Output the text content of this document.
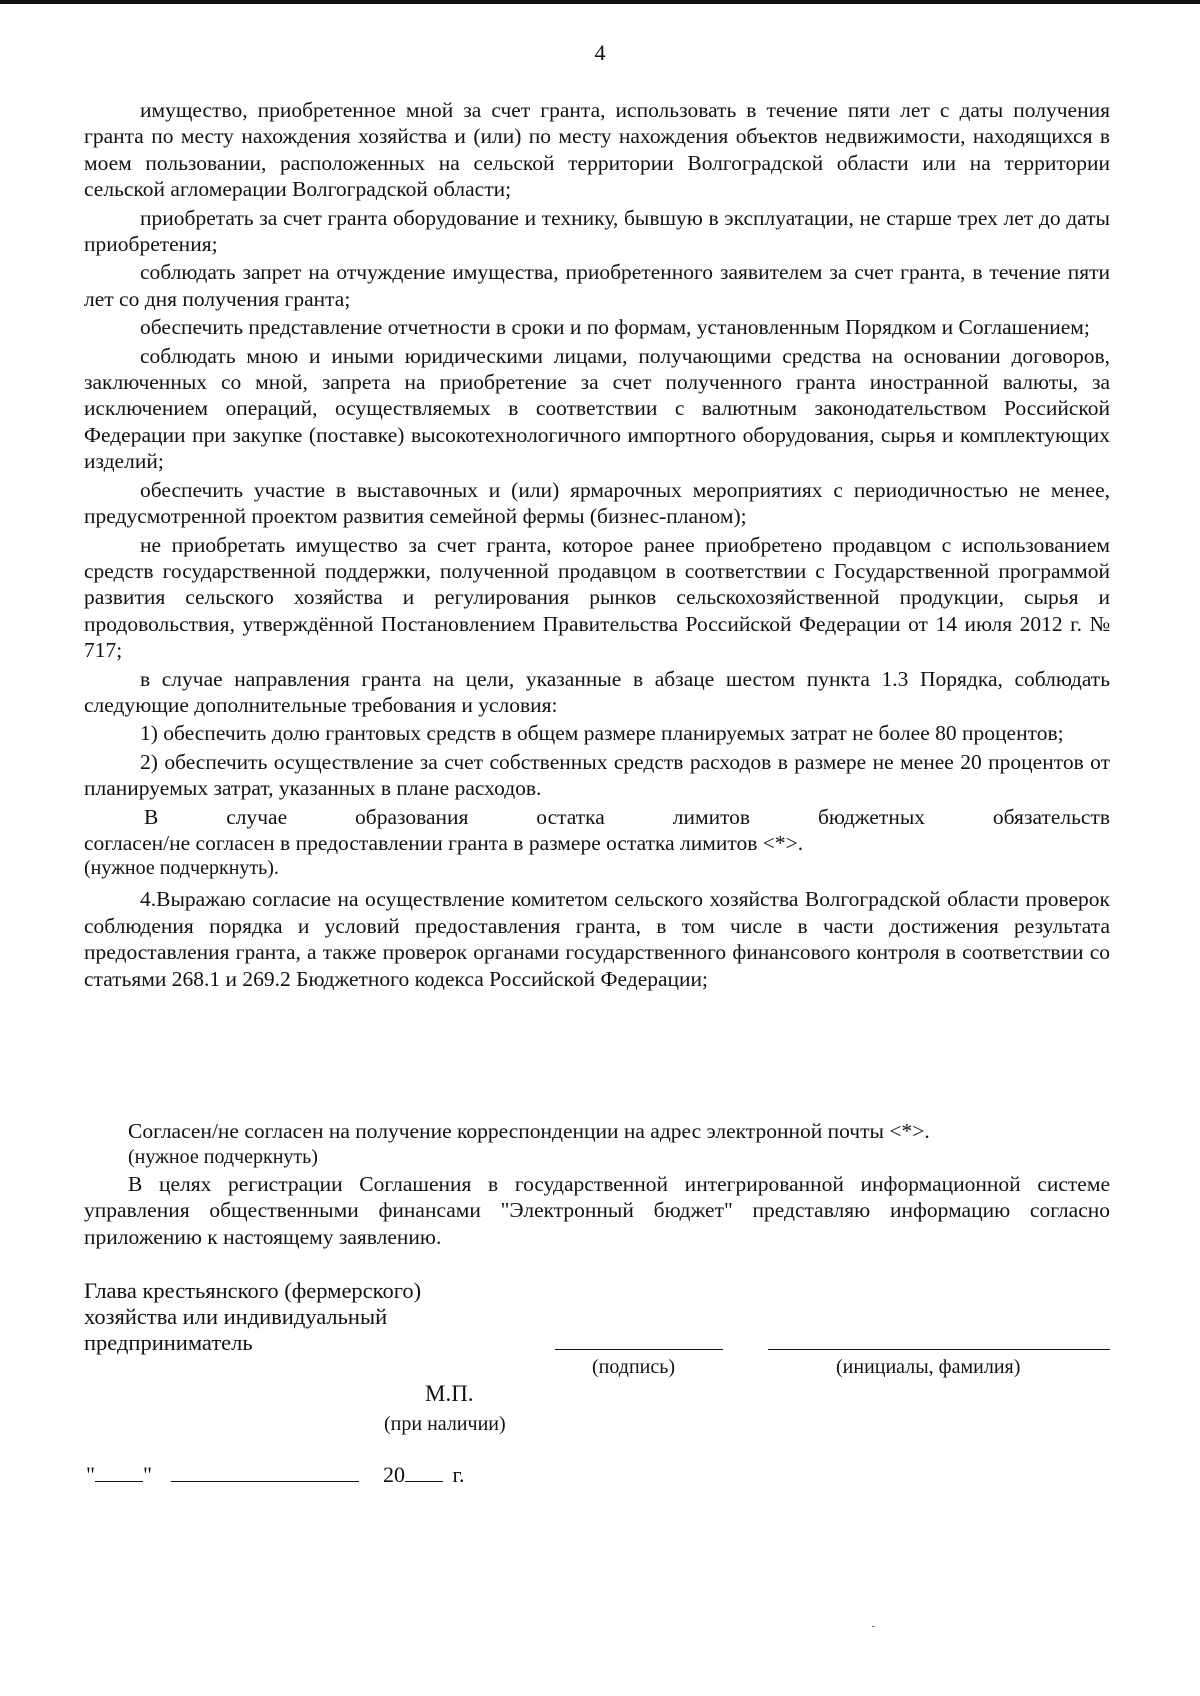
4

имущество, приобретенное мной за счет гранта, использовать в течение пяти лет с даты получения гранта по месту нахождения хозяйства и (или) по месту нахождения объектов недвижимости, находящихся в моем пользовании, расположенных на сельской территории Волгоградской области или на территории сельской агломерации Волгоградской области;

приобретать за счет гранта оборудование и технику, бывшую в эксплуатации, не старше трех лет до даты приобретения;

соблюдать запрет на отчуждение имущества, приобретенного заявителем за счет гранта, в течение пяти лет со дня получения гранта;

обеспечить представление отчетности в сроки и по формам, установленным Порядком и Соглашением;

соблюдать мною и иными юридическими лицами, получающими средства на основании договоров, заключенных со мной, запрета на приобретение за счет полученного гранта иностранной валюты, за исключением операций, осуществляемых в соответствии с валютным законодательством Российской Федерации при закупке (поставке) высокотехнологичного импортного оборудования, сырья и комплектующих изделий;

обеспечить участие в выставочных и (или) ярмарочных мероприятиях с периодичностью не менее, предусмотренной проектом развития семейной фермы (бизнес-планом);

не приобретать имущество за счет гранта, которое ранее приобретено продавцом с использованием средств государственной поддержки, полученной продавцом в соответствии с Государственной программой развития сельского хозяйства и регулирования рынков сельскохозяйственной продукции, сырья и продовольствия, утверждённой Постановлением Правительства Российской Федерации от 14 июля 2012 г. № 717;

в случае направления гранта на цели, указанные в абзаце шестом пункта 1.3 Порядка, соблюдать следующие дополнительные требования и условия:

1) обеспечить долю грантовых средств в общем размере планируемых затрат не более 80 процентов;

2) обеспечить осуществление за счет собственных средств расходов в размере не менее 20 процентов от планируемых затрат, указанных в плане расходов.

В случае образования остатка лимитов бюджетных обязательств

согласен/не согласен в предоставлении гранта в размере остатка лимитов <*>.

(нужное подчеркнуть).

4.Выражаю согласие на осуществление комитетом сельского хозяйства Волгоградской области проверок соблюдения порядка и условий предоставления гранта, в том числе в части достижения результата предоставления гранта, а также проверок органами государственного финансового контроля в соответствии со статьями 268.1 и 269.2 Бюджетного кодекса Российской Федерации;

Согласен/не согласен на получение корреспонденции на адрес электронной почты <*>.

(нужное подчеркнуть)

В целях регистрации Соглашения в государственной интегрированной информационной системе управления общественными финансами "Электронный бюджет" представляю информацию согласно приложению к настоящему заявлению.

Глава крестьянского (фермерского)
хозяйства или индивидуальный
предприниматель
(подпись)	(инициалы, фамилия)
М.П.
(при наличии)
" "	20 г.
